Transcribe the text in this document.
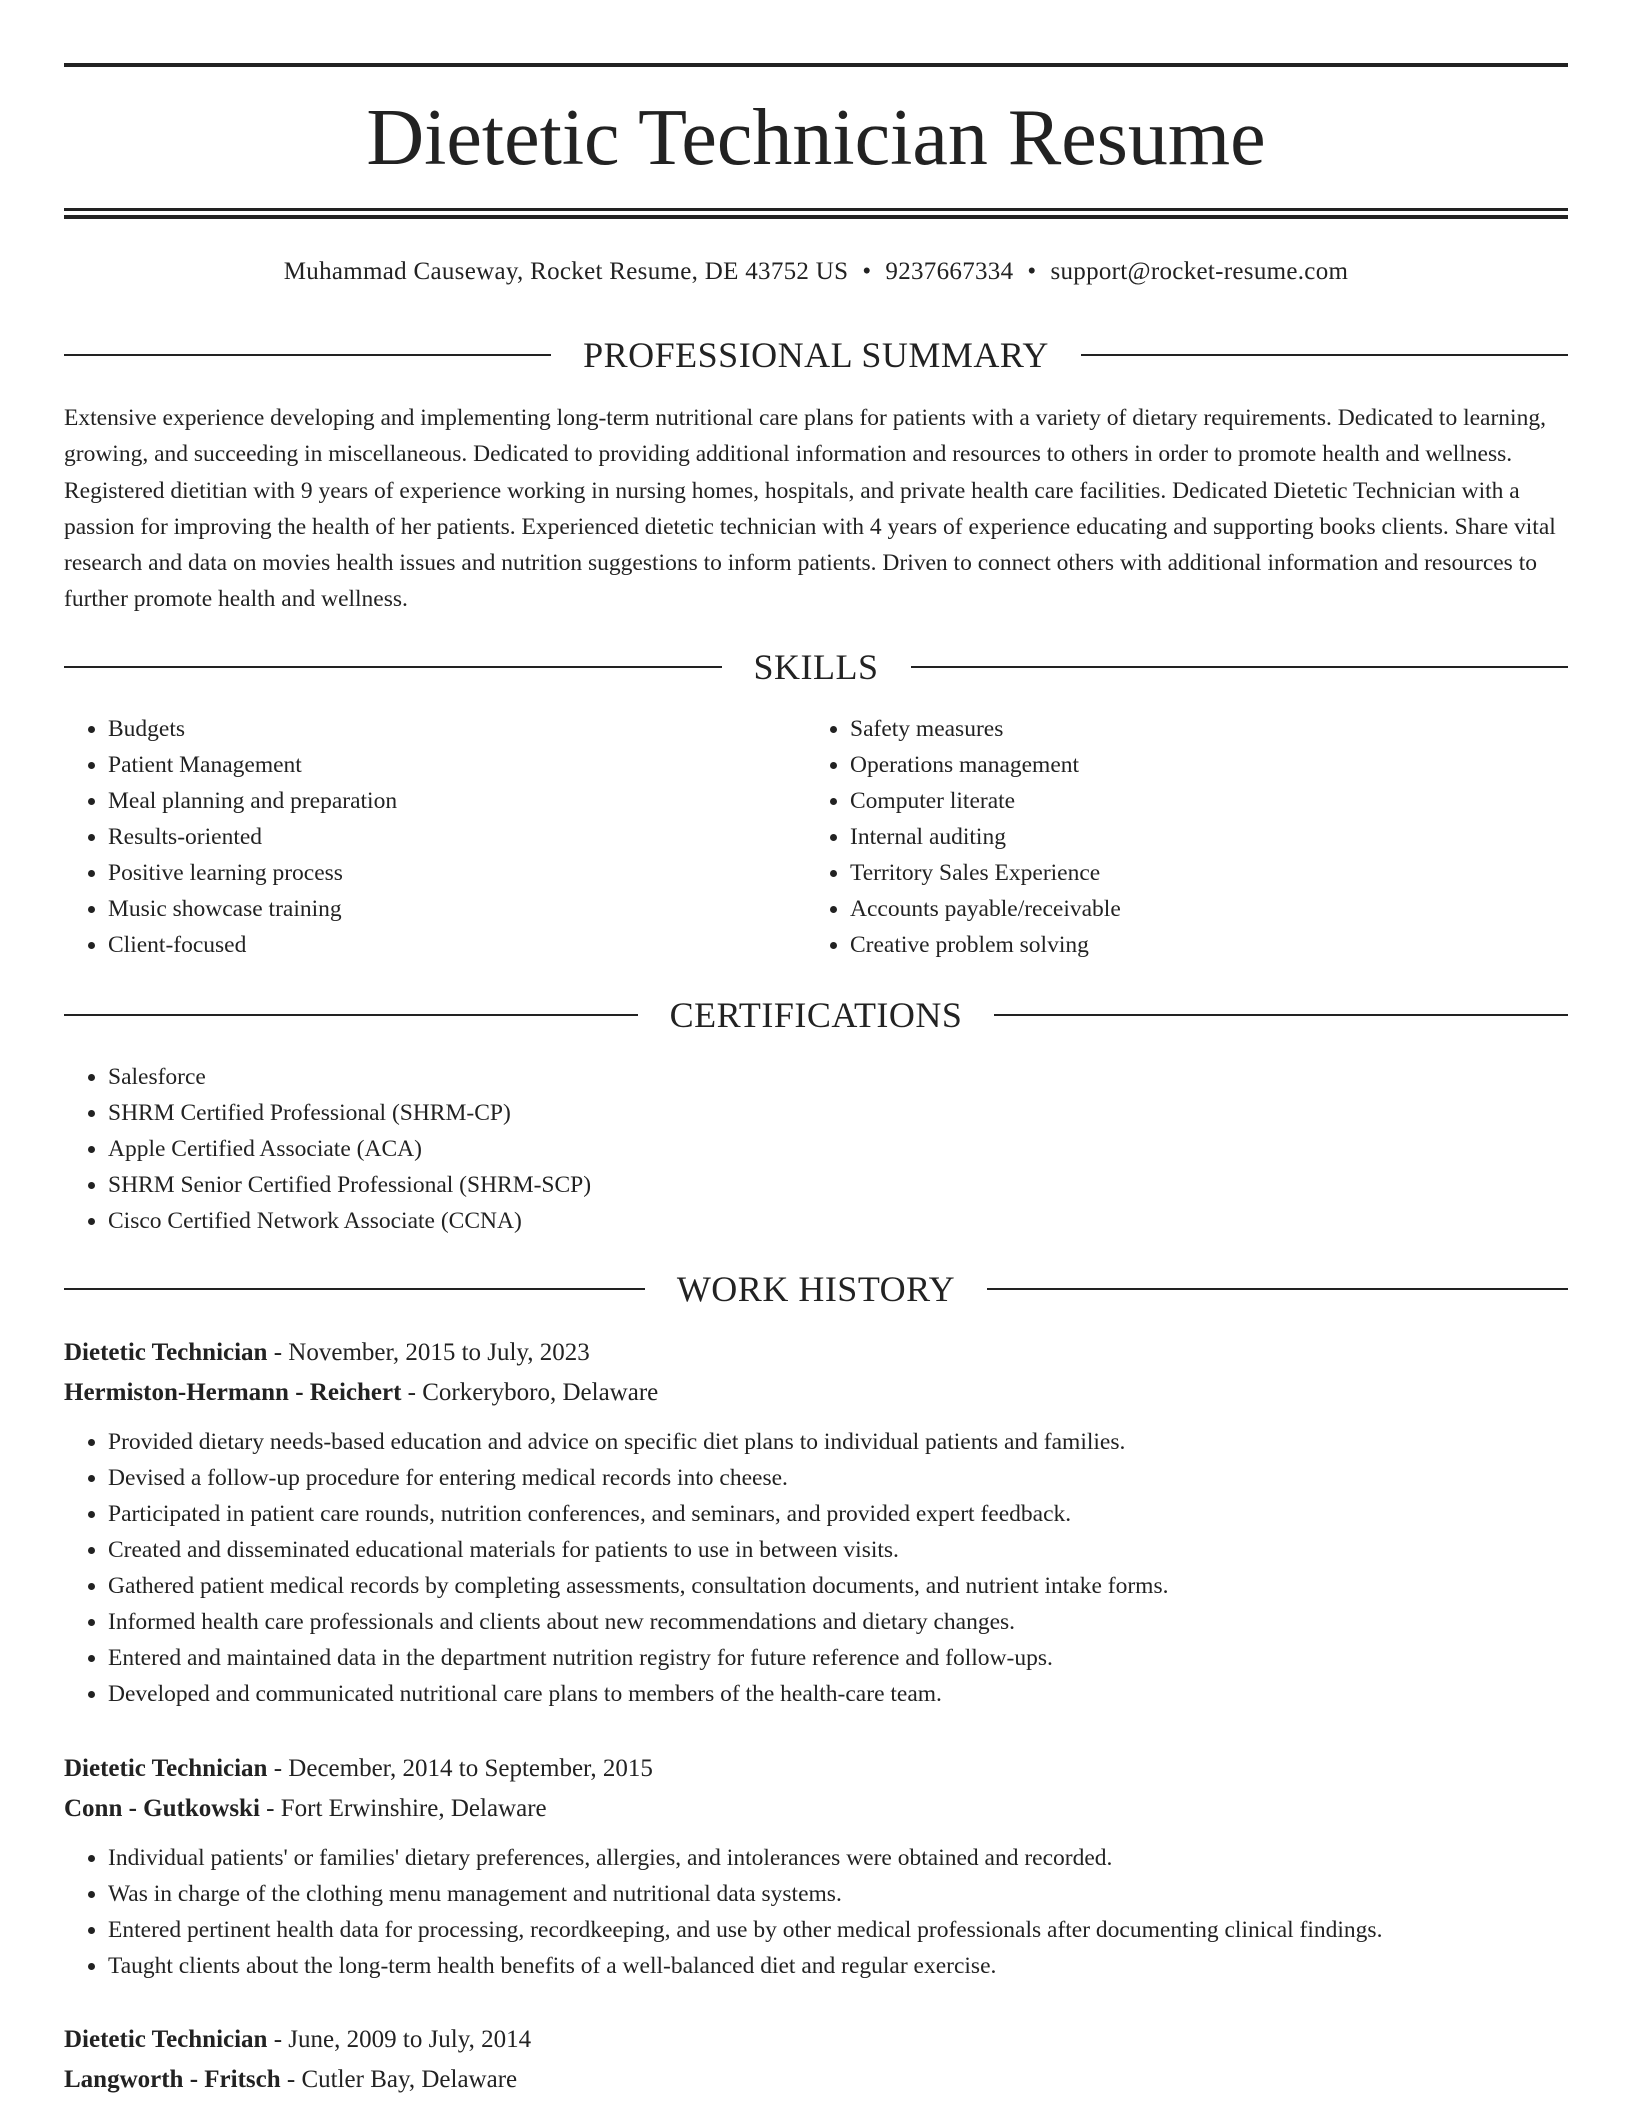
Dietetic Technician Resume
Muhammad Causeway, Rocket Resume, DE 43752 US • 9237667334 • support@rocket-resume.com
PROFESSIONAL SUMMARY

Extensive experience developing and implementing long-term nutritional care plans for patients with a variety of dietary requirements. Dedicated to learning, growing, and succeeding in miscellaneous. Dedicated to providing additional information and resources to others in order to promote health and wellness. Registered dietitian with 9 years of experience working in nursing homes, hospitals, and private health care facilities. Dedicated Dietetic Technician with a passion for improving the health of her patients. Experienced dietetic technician with 4 years of experience educating and supporting books clients. Share vital research and data on movies health issues and nutrition suggestions to inform patients. Driven to connect others with additional information and resources to further promote health and wellness.

SKILLS
• Budgets
• Patient Management
• Meal planning and preparation
• Results-oriented
• Positive learning process
• Music showcase training
• Client-focused
• Safety measures
• Operations management
• Computer literate
• Internal auditing
• Territory Sales Experience
• Accounts payable/receivable
• Creative problem solving
CERTIFICATIONS
• Salesforce
• SHRM Certified Professional (SHRM-CP)
• Apple Certified Associate (ACA)
• SHRM Senior Certified Professional (SHRM-SCP)
• Cisco Certified Network Associate (CCNA)
WORK HISTORY
Dietetic Technician - November, 2015 to July, 2023
Hermiston-Hermann - Reichert - Corkeryboro, Delaware
• Provided dietary needs-based education and advice on specific diet plans to individual patients and families.
• Devised a follow-up procedure for entering medical records into cheese.
• Participated in patient care rounds, nutrition conferences, and seminars, and provided expert feedback.
• Created and disseminated educational materials for patients to use in between visits.
• Gathered patient medical records by completing assessments, consultation documents, and nutrient intake forms.
• Informed health care professionals and clients about new recommendations and dietary changes.
• Entered and maintained data in the department nutrition registry for future reference and follow-ups.
• Developed and communicated nutritional care plans to members of the health-care team.
Dietetic Technician - December, 2014 to September, 2015
Conn - Gutkowski - Fort Erwinshire, Delaware
• Individual patients' or families' dietary preferences, allergies, and intolerances were obtained and recorded.
• Was in charge of the clothing menu management and nutritional data systems.
• Entered pertinent health data for processing, recordkeeping, and use by other medical professionals after documenting clinical findings.
• Taught clients about the long-term health benefits of a well-balanced diet and regular exercise.
Dietetic Technician - June, 2009 to July, 2014
Langworth - Fritsch - Cutler Bay, Delaware
